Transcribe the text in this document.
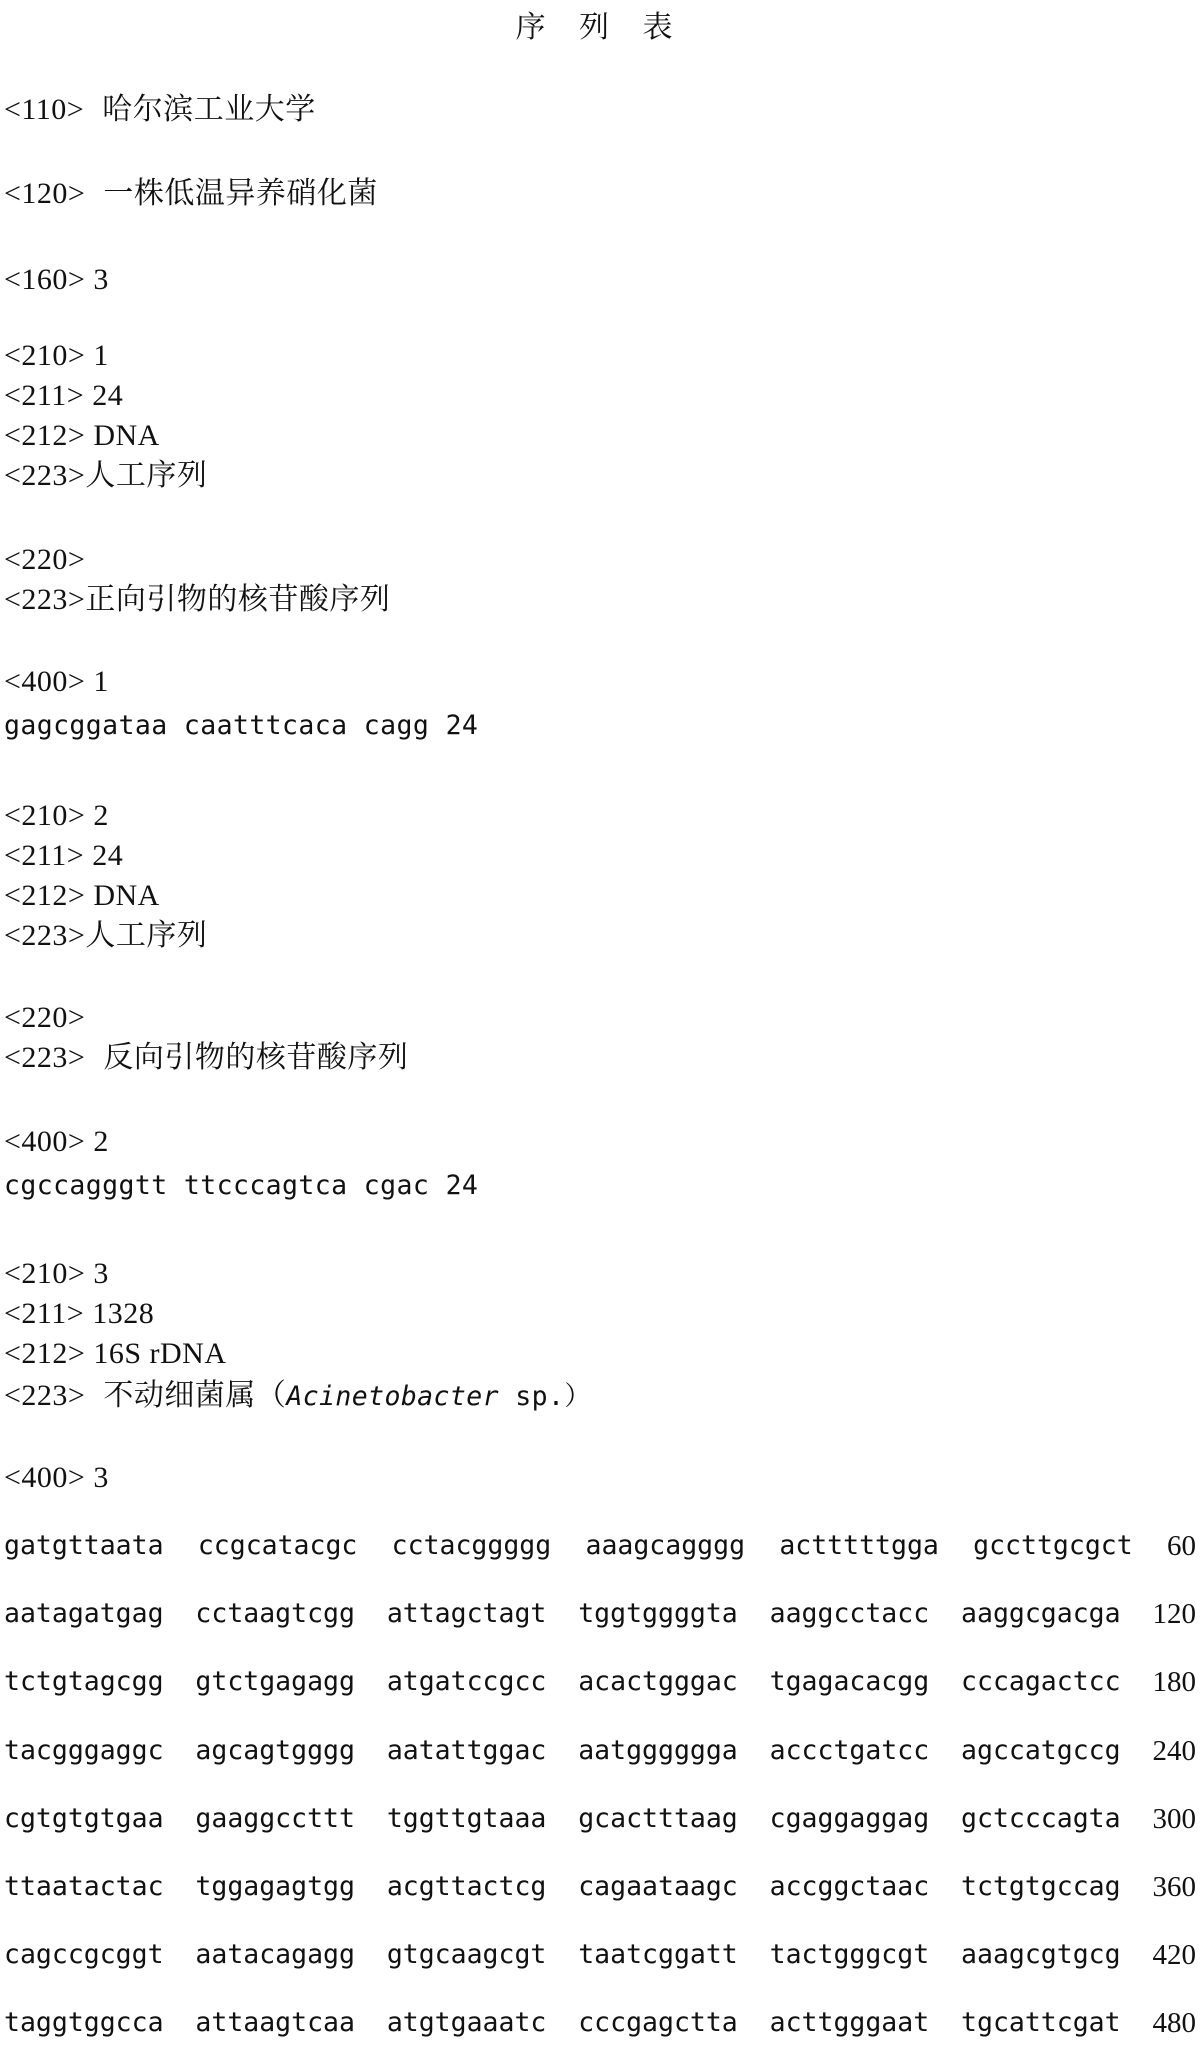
序 列 表
<110> 哈尔滨工业大学
<120> 一株低温异养硝化菌
<160> 3
<210> 1
<211> 24
<212> DNA
<223>人工序列
<220>
<223>正向引物的核苷酸序列
<400> 1
gagcggataa caatttcaca cagg 24
<210> 2
<211> 24
<212> DNA
<223>人工序列
<220>
<223> 反向引物的核苷酸序列
<400> 2
cgccagggtt ttcccagtca cgac 24
<210> 3
<211> 1328
<212> 16S rDNA
<223> 不动细菌属（Acinetobacter sp.）
<400> 3
gatgttaata ccgcatacgc cctacggggg aaagcagggg actttttgga gccttgcgct 60
aatagatgag cctaagtcgg attagctagt tggtggggta aaggcctacc aaggcgacga 120
tctgtagcgg gtctgagagg atgatccgcc acactgggac tgagacacgg cccagactcc 180
tacgggaggc agcagtgggg aatattggac aatgggggga accctgatcc agccatgccg 240
cgtgtgtgaa gaaggccttt tggttgtaaa gcactttaag cgaggaggag gctcccagta 300
ttaatactac tggagagtgg acgttactcg cagaataagc accggctaac tctgtgccag 360
cagccgcggt aatacagagg gtgcaagcgt taatcggatt tactgggcgt aaagcgtgcg 420
taggtggcca attaagtcaa atgtgaaatc cccgagctta acttgggaat tgcattcgat 480
